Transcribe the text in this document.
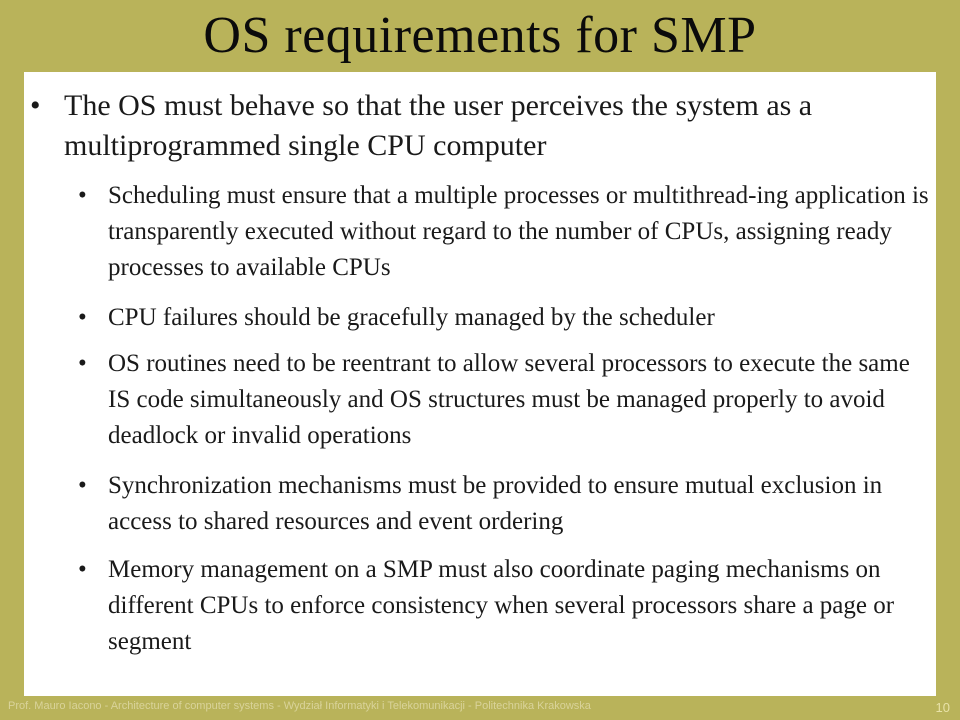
OS requirements for SMP
• The OS must behave so that the user perceives the system as a multiprogrammed single CPU computer
• Scheduling must ensure that a multiple processes or multithread-ing application is transparently executed without regard to the number of CPUs, assigning ready processes to available CPUs
• CPU failures should be gracefully managed by the scheduler
• OS routines need to be reentrant to allow several processors to execute the same IS code simultaneously and OS structures must be managed properly to avoid deadlock or invalid operations
• Synchronization mechanisms must be provided to ensure mutual exclusion in access to shared resources and event ordering
• Memory management on a SMP must also coordinate paging mechanisms on different CPUs to enforce consistency when several processors share a page or segment
Prof. Mauro Iacono - Architecture of computer systems - Wydział Informatyki i Telekomunikacji - Politechnika Krakowska	10
